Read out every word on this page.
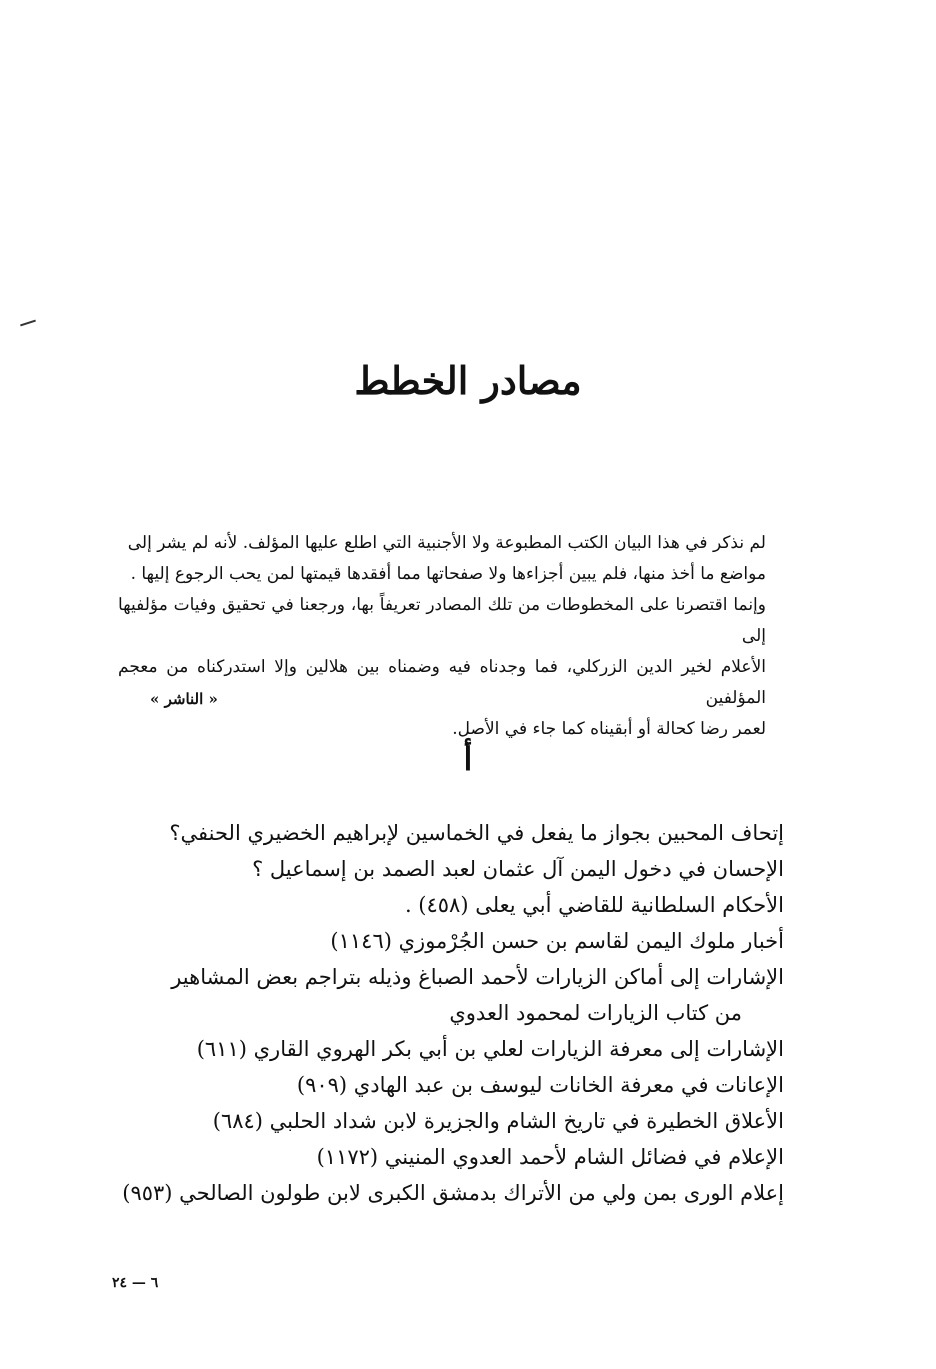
مصادر الخطط

لم نذكر في هذا البيان الكتب المطبوعة ولا الأجنبية التي اطلع عليها المؤلف. لأنه لم يشر إلى

مواضع ما أخذ منها، فلم يبين أجزاءها ولا صفحاتها مما أفقدها قيمتها لمن يحب الرجوع إليها .

وإنما اقتصرنا على المخطوطات من تلك المصادر تعريفاً بها، ورجعنا في تحقيق وفيات مؤلفيها إلى

الأعلام لخير الدين الزركلي، فما وجدناه فيه وضمناه بين هلالين وإلا استدركناه من معجم المؤلفين

لعمر رضا كحالة أو أبقيناه كما جاء في الأصل.

« الناشر »
أ
إتحاف المحبين بجواز ما يفعل في الخماسين لإبراهيم الخضيري الحنفي؟
الإحسان في دخول اليمن آل عثمان لعبد الصمد بن إسماعيل ؟
الأحكام السلطانية للقاضي أبي يعلى (٤٥٨) .
أخبار ملوك اليمن لقاسم بن حسن الجُرْموزي (١١٤٦)
الإشارات إلى أماكن الزيارات لأحمد الصباغ وذيله بتراجم بعض المشاهير
من كتاب الزيارات لمحمود العدوي
الإشارات إلى معرفة الزيارات لعلي بن أبي بكر الهروي القاري (٦١١)
الإعانات في معرفة الخانات ليوسف بن عبد الهادي (٩٠٩)
الأعلاق الخطيرة في تاريخ الشام والجزيرة لابن شداد الحلبي (٦٨٤)
الإعلام في فضائل الشام لأحمد العدوي المنيني (١١٧٢)
إعلام الورى بمن ولي من الأتراك بدمشق الكبرى لابن طولون الصالحي (٩٥٣)
٦ — ٢٤
